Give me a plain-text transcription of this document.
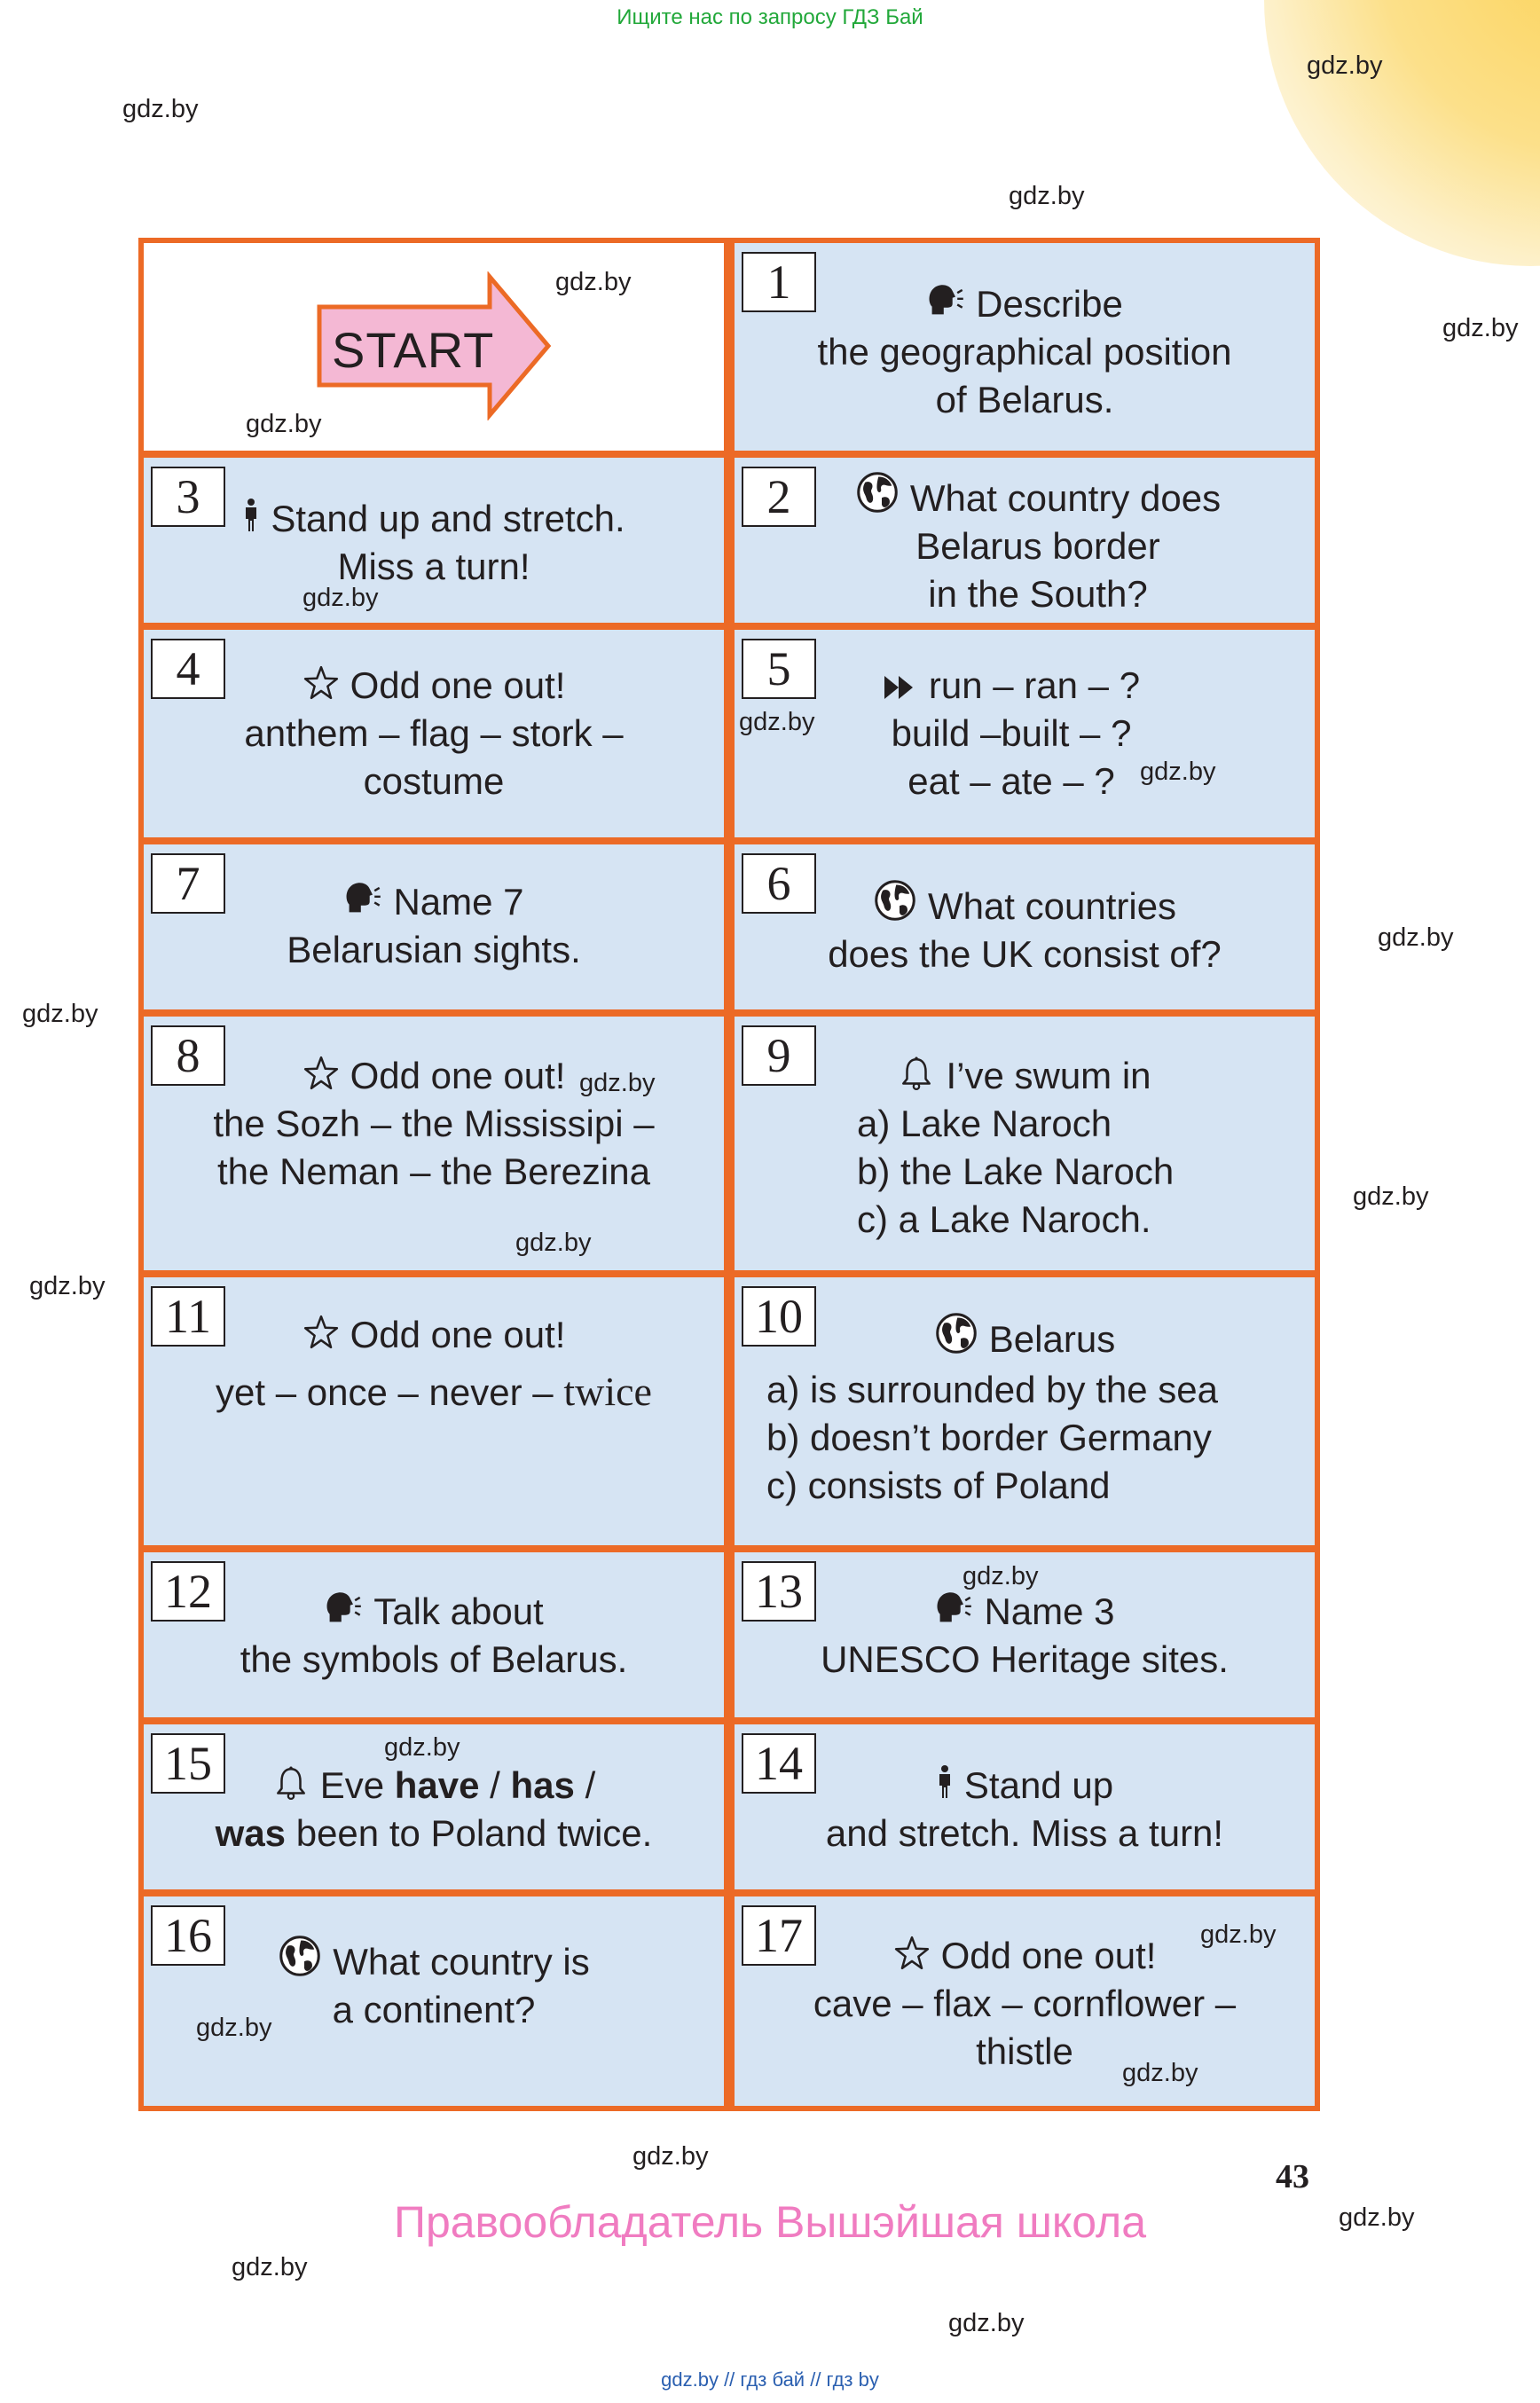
Ищите нас по запросу ГДЗ Бай
START
1	Describe
the geographical position
of Belarus.
3	Stand up and stretch.
Miss a turn!
2	What country does
Belarus border
in the South?
4	Odd one out!
anthem – flag – stork –
costume
5	run – ran – ?
build –built – ?
eat – ate – ?
7	Name 7
Belarusian sights.
6	What countries
does the UK consist of?
8	Odd one out!
the Sozh – the Mississipi –
the Neman – the Berezina
9	I’ve swum in
a) Lake Naroch
b) the Lake Naroch
c) a Lake Naroch.
11	Odd one out!
yet – once – never – twice
10	Belarus
a) is surrounded by the sea
b) doesn’t border Germany
c) consists of Poland
12	Talk about
the symbols of Belarus.
13	Name 3
UNESCO Heritage sites.
15	Eve have / has /
was been to Poland twice.
14	Stand up
and stretch. Miss a turn!
16	What country is
a continent?
17	Odd one out!
cave – flax – cornflower –
thistle
gdz.by
gdz.by
gdz.by
gdz.by
gdz.by
gdz.by
gdz.by
gdz.by
gdz.by
gdz.by
gdz.by
gdz.by
gdz.by
gdz.by
gdz.by
gdz.by
gdz.by
gdz.by
gdz.by
gdz.by
gdz.by
gdz.by
gdz.by
gdz.by
43
Правообладатель Вышэйшая школа
gdz.by // гдз бай // гдз by
